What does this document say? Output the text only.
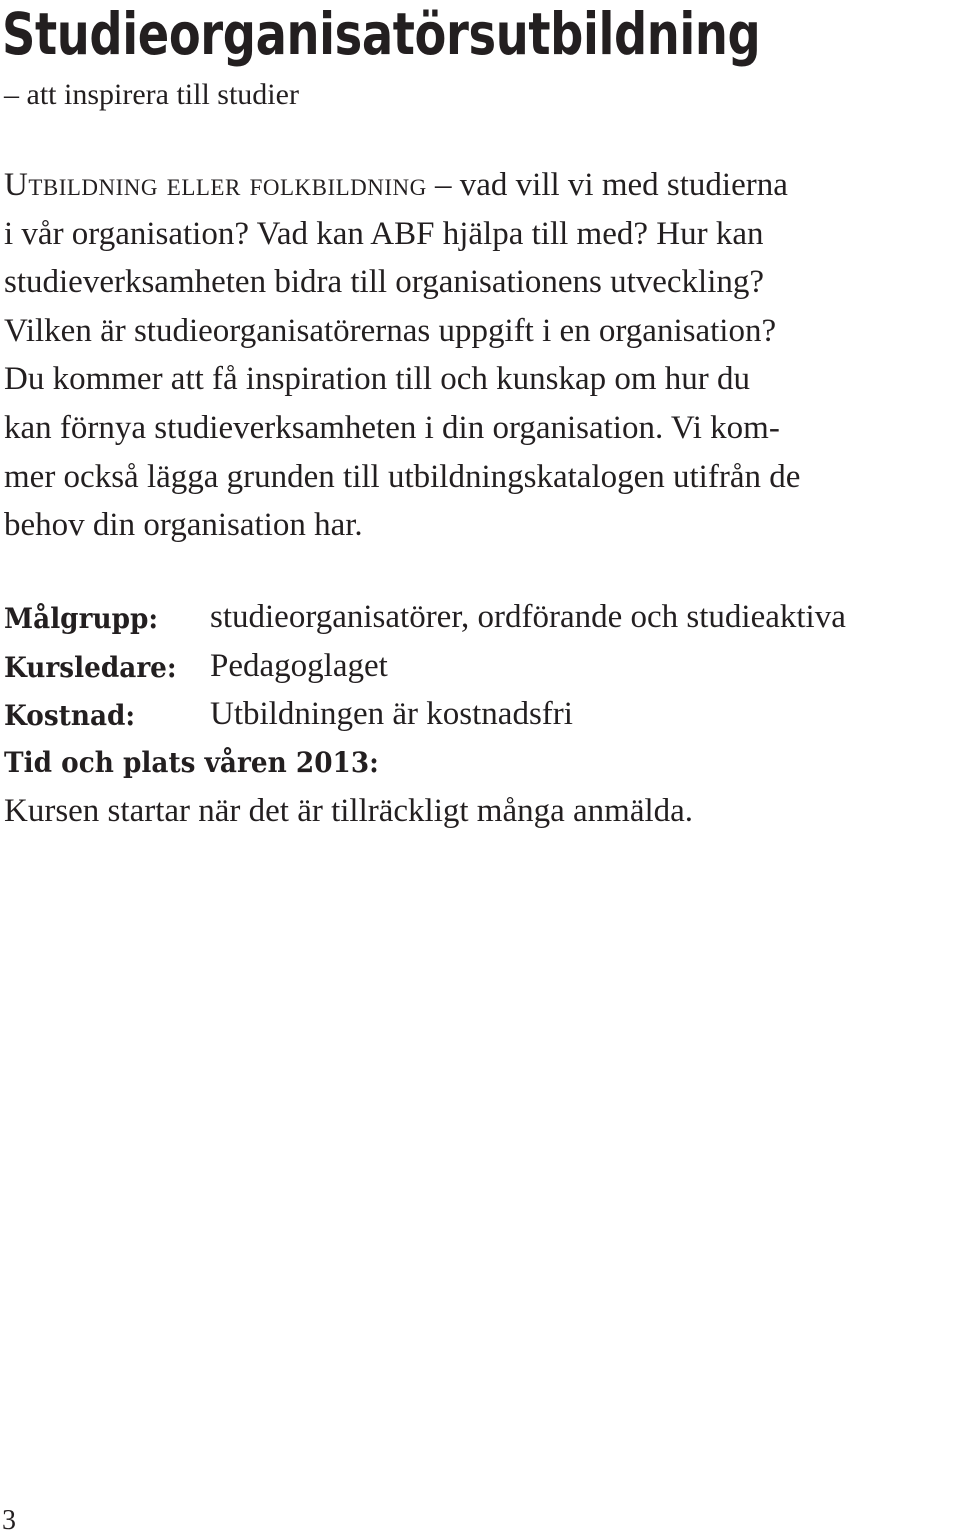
Studieorganisatörsutbildning

– att inspirera till studier

Utbildning eller folkbildning – vad vill vi med studierna
i vår organisation? Vad kan ABF hjälpa till med? Hur kan
studieverksamheten bidra till organisationens utveckling?
Vilken är studieorganisatörernas uppgift i en organisation?
Du kommer att få inspiration till och kunskap om hur du
kan förnya studieverksamheten i din organisation. Vi kom-
mer också lägga grunden till utbildningskatalogen utifrån de
behov din organisation har.
Målgrupp: studieorganisatörer, ordförande och studieaktiva
Kursledare: Pedagoglaget
Kostnad: Utbildningen är kostnadsfri
Tid och plats våren 2013:
Kursen startar när det är tillräckligt många anmälda.
3
